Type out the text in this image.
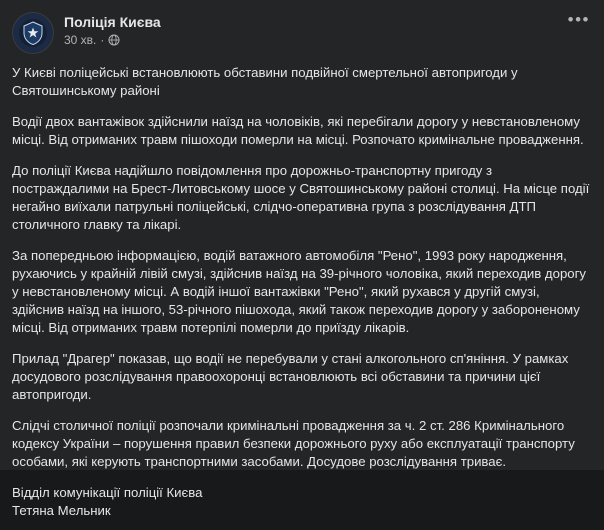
Поліція Києва
30 хв. ·
•••

У Києві поліцейські встановлюють обставини подвійної смертельної автопригоди у Святошинському районі

Водії двох вантажівок здійснили наїзд на чоловіків, які перебігали дорогу у невстановленому місці. Від отриманих травм пішоходи померли на місці. Розпочато кримінальне провадження.

До поліції Києва надійшло повідомлення про дорожньо-транспортну пригоду з постраждалими на Брест-Литовському шосе у Святошинському районі столиці. На місце події негайно виїхали патрульні поліцейські, слідчо-оперативна група з розслідування ДТП столичного главку та лікарі.

За попередньою інформацією, водій ватажного автомобіля "Рено", 1993 року народження, рухаючись у крайній лівій смузі, здійснив наїзд на 39-річного чоловіка, який переходив дорогу у невстановленому місці. А водій іншої вантажівки "Рено", який рухався у другій смузі, здійснив наїзд на іншого, 53-річного пішохода, який також переходив дорогу у забороненому місці. Від отриманих травм потерпілі померли до приїзду лікарів.

Прилад "Драгер" показав, що водії не перебували у стані алкогольного сп'яніння. У рамках досудового розслідування правоохоронці встановлюють всі обставини та причини цієї автопригоди.

Слідчі столичної поліції розпочали кримінальні провадження за ч. 2 ст. 286 Кримінального кодексу України – порушення правил безпеки дорожнього руху або експлуатації транспорту особами, які керують транспортними засобами. Досудове розслідування триває.

Відділ комунікації поліції Києва

Тетяна Мельник
